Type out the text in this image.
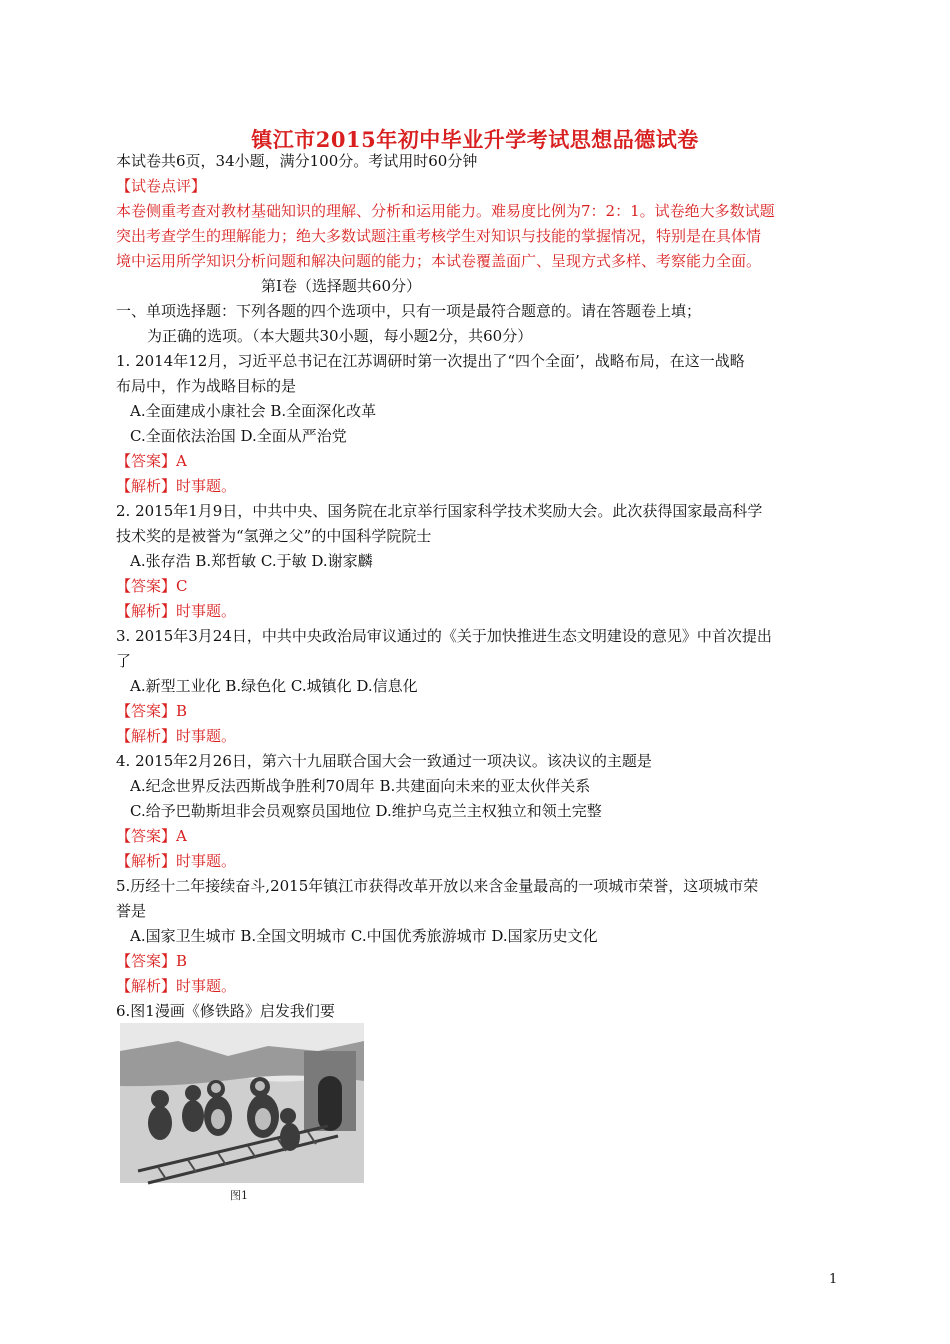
镇江市2015年初中毕业升学考试思想品德试卷
本试卷共6页，34小题，满分100分。考试用时60分钟
【试卷点评】
本卷侧重考查对教材基础知识的理解、分析和运用能力。难易度比例为7：2：1。试卷绝大多数试题
突出考查学生的理解能力；绝大多数试题注重考核学生对知识与技能的掌握情况，特别是在具体情
境中运用所学知识分析问题和解决问题的能力；本试卷覆盖面广、呈现方式多样、考察能力全面。
第Ⅰ卷（选择题共60分）
一、单项选择题：下列各题的四个选项中，只有一项是最符合题意的。请在答题卷上填；
为正确的选项。（本大题共30小题，每小题2分，共60分）
1. 2014年12月，习近平总书记在江苏调研时第一次提出了“四个全面’，战略布局，在这一战略
布局中，作为战略目标的是
A.全面建成小康社会 B.全面深化改革
C.全面依法治国 D.全面从严治党
【答案】A
【解析】时事题。
2. 2015年1月9日，中共中央、国务院在北京举行国家科学技术奖励大会。此次获得国家最高科学
技术奖的是被誉为“氢弹之父”的中国科学院院士
A.张存浩 B.郑哲敏 C.于敏 D.谢家麟
【答案】C
【解析】时事题。
3. 2015年3月24日，中共中央政治局审议通过的《关于加快推进生态文明建设的意见》中首次提出
了
A.新型工业化 B.绿色化 C.城镇化 D.信息化
【答案】B
【解析】时事题。
4. 2015年2月26日，第六十九届联合国大会一致通过一项决议。该决议的主题是
A.纪念世界反法西斯战争胜利70周年 B.共建面向未来的亚太伙伴关系
C.给予巴勒斯坦非会员观察员国地位 D.维护乌克兰主权独立和领土完整
【答案】A
【解析】时事题。
5.历经十二年接续奋斗,2015年镇江市获得改革开放以来含金量最高的一项城市荣誉，这项城市荣
誉是
A.国家卫生城市 B.全国文明城市 C.中国优秀旅游城市 D.国家历史文化
【答案】B
【解析】时事题。
6.图1漫画《修铁路》启发我们要
图1
1
